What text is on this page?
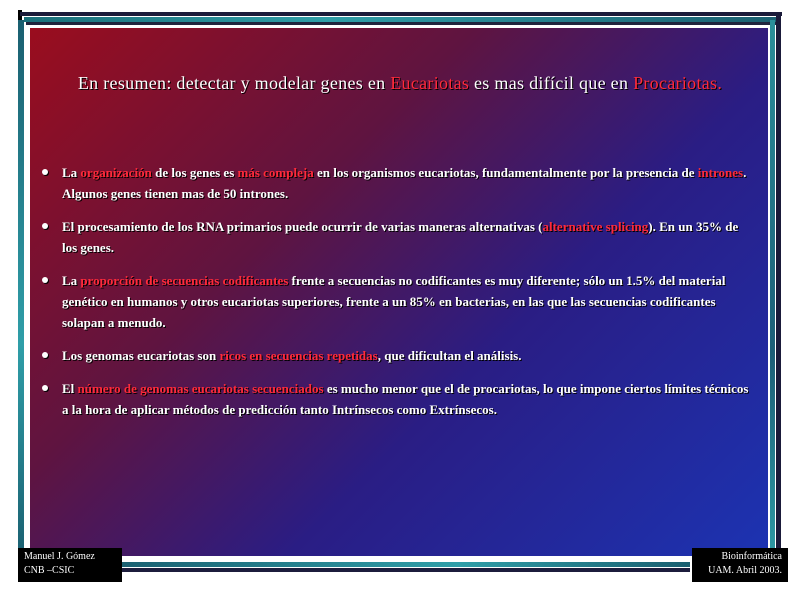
En resumen: detectar y modelar genes en Eucariotas es mas difícil que en Procariotas.
La organización de los genes es más compleja en los organismos eucariotas, fundamentalmente por la presencia de intrones. Algunos genes tienen mas de 50 intrones.
El procesamiento de los RNA primarios puede ocurrir de varias maneras alternativas (alternative splicing). En un 35% de los genes.
La proporción de secuencias codificantes frente a secuencias no codificantes es muy diferente; sólo un 1.5% del material genético en humanos y otros eucariotas superiores, frente a un 85% en bacterias, en las que las secuencias codificantes solapan a menudo.
Los genomas eucariotas son ricos en secuencias repetidas, que dificultan el análisis.
El número de genomas eucariotas secuenciados es mucho menor que el de procariotas, lo que impone ciertos límites técnicos a la hora de aplicar métodos de predicción tanto Intrínsecos como Extrínsecos.
Manuel J. Gómez
CNB –CSIC
Bioinformática
UAM. Abril 2003.
